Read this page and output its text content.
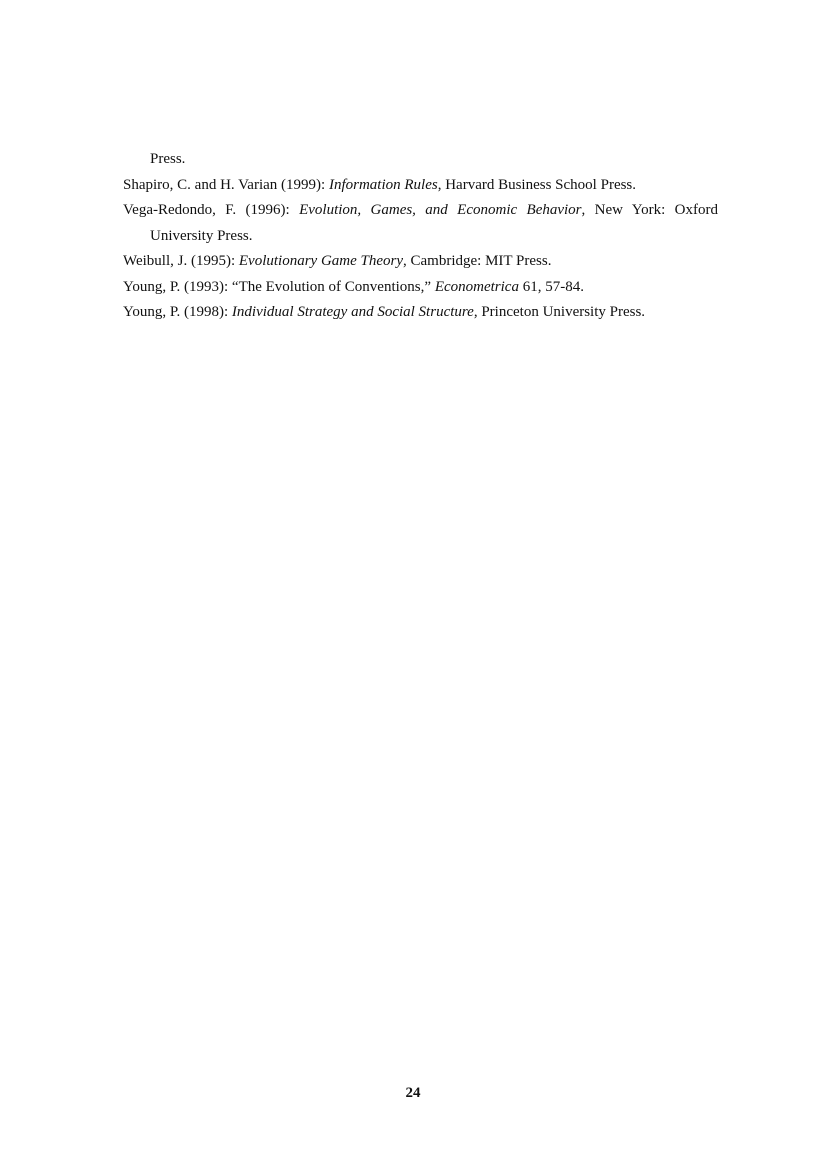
Press.

Shapiro, C. and H. Varian (1999): Information Rules, Harvard Business School Press.

Vega-Redondo, F. (1996): Evolution, Games, and Economic Behavior, New York: Oxford University Press.

Weibull, J. (1995): Evolutionary Game Theory, Cambridge: MIT Press.

Young, P. (1993): “The Evolution of Conventions,” Econometrica 61, 57-84.

Young, P. (1998): Individual Strategy and Social Structure, Princeton University Press.

24
